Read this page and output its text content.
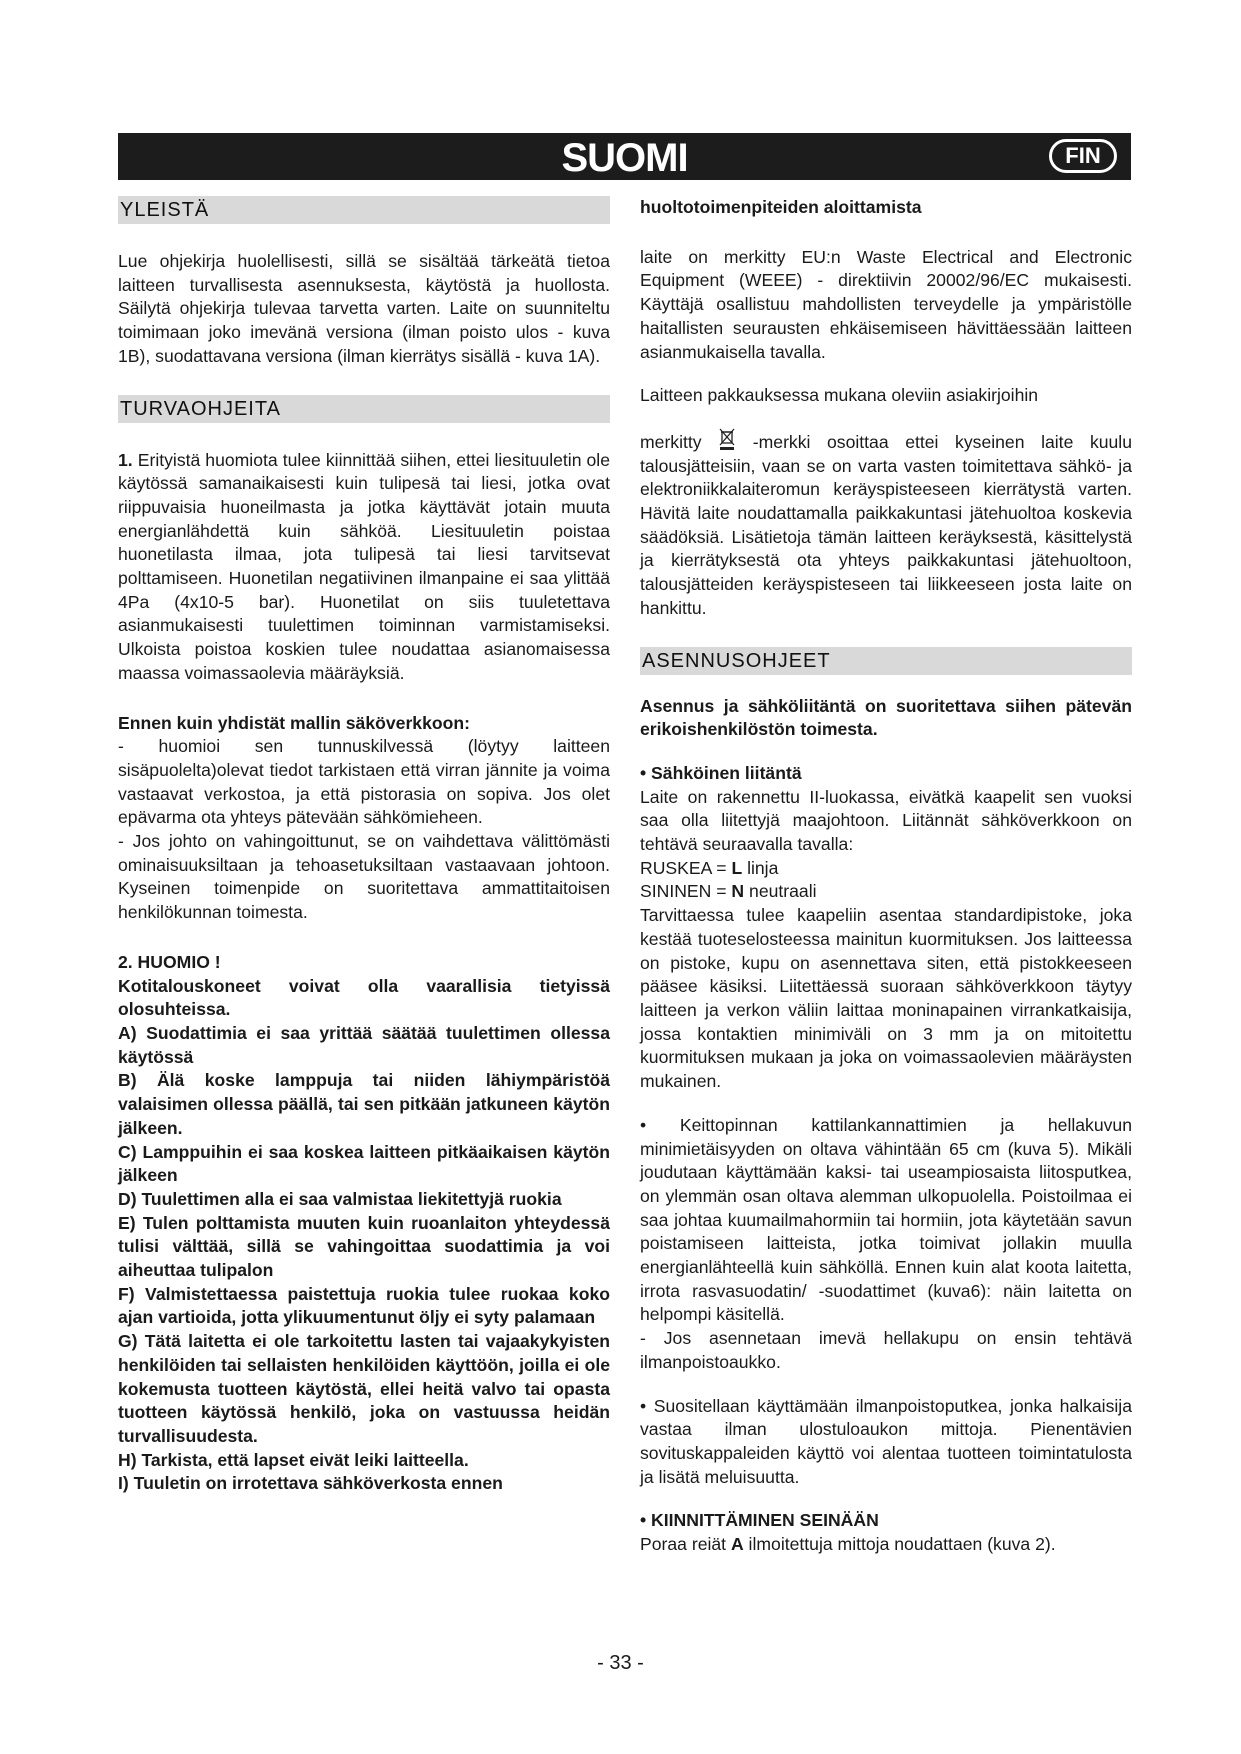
SUOMI	FIN
YLEISTÄ

Lue ohjekirja huolellisesti, sillä se sisältää tärkeätä tietoa laitteen turvallisesta asennuksesta, käytöstä ja huollosta. Säilytä ohjekirja tulevaa tarvetta varten. Laite on suunniteltu toimimaan joko imevänä versiona (ilman poisto ulos - kuva 1B), suodattavana versiona (ilman kierrätys sisällä - kuva 1A).

TURVAOHJEITA

1. Erityistä huomiota tulee kiinnittää siihen, ettei liesituuletin ole käytössä samanaikaisesti kuin tulipesä tai liesi, jotka ovat riippuvaisia huoneilmasta ja jotka käyttävät jotain muuta energianlähdettä kuin sähköä. Liesituuletin poistaa huonetilasta ilmaa, jota tulipesä tai liesi tarvitsevat polttamiseen. Huonetilan negatiivinen ilmanpaine ei saa ylittää 4Pa (4x10-5 bar). Huonetilat on siis tuuletettava asianmukaisesti tuulettimen toiminnan varmistamiseksi. Ulkoista poistoa koskien tulee noudattaa asianomaisessa maassa voimassaolevia määräyksiä.

Ennen kuin yhdistät mallin säköverkkoon:

- huomioi sen tunnuskilvessä (löytyy laitteen sisäpuolelta)olevat tiedot tarkistaen että virran jännite ja voima vastaavat verkostoa, ja että pistorasia on sopiva. Jos olet epävarma ota yhteys pätevään sähkömieheen.

- Jos johto on vahingoittunut, se on vaihdettava välittömästi ominaisuuksiltaan ja tehoasetuksiltaan vastaavaan johtoon. Kyseinen toimenpide on suoritettava ammattitaitoisen henkilökunnan toimesta.

2. HUOMIO !

Kotitalouskoneet voivat olla vaarallisia tietyissä olosuhteissa.

A) Suodattimia ei saa yrittää säätää tuulettimen ollessa käytössä

B) Älä koske lamppuja tai niiden lähiympäristöä valaisimen ollessa päällä, tai sen pitkään jatkuneen käytön jälkeen.

C) Lamppuihin ei saa koskea laitteen pitkäaikaisen käytön jälkeen

D) Tuulettimen alla ei saa valmistaa liekitettyjä ruokia

E) Tulen polttamista muuten kuin ruoanlaiton yhteydessä tulisi välttää, sillä se vahingoittaa suodattimia ja voi aiheuttaa tulipalon

F) Valmistettaessa paistettuja ruokia tulee ruokaa koko ajan vartioida, jotta ylikuumentunut öljy ei syty palamaan

G) Tätä laitetta ei ole tarkoitettu lasten tai vajaakykyisten henkilöiden tai sellaisten henkilöiden käyttöön, joilla ei ole kokemusta tuotteen käytöstä, ellei heitä valvo tai opasta tuotteen käytössä henkilö, joka on vastuussa heidän turvallisuudesta.

H) Tarkista, että lapset eivät leiki laitteella.

I) Tuuletin on irrotettava sähköverkosta ennen

huoltotoimenpiteiden aloittamista

laite on merkitty EU:n Waste Electrical and Electronic Equipment (WEEE) - direktiivin 20002/96/EC mukaisesti. Käyttäjä osallistuu mahdollisten terveydelle ja ympäristölle haitallisten seurausten ehkäisemiseen hävittäessään laitteen asianmukaisella tavalla.

Laitteen pakkauksessa mukana oleviin asiakirjoihin

merkitty	-merkki osoittaa ettei kyseinen laite kuulu talousjätteisiin, vaan se on varta vasten toimitettava sähkö- ja elektroniikkalaiteromun keräyspisteeseen kierrätystä varten. Hävitä laite noudattamalla paikkakuntasi jätehuoltoa koskevia säädöksiä. Lisätietoja tämän laitteen keräyksestä, käsittelystä ja kierrätyksestä ota yhteys paikkakuntasi jätehuoltoon, talousjätteiden keräyspisteseen tai liikkeeseen josta laite on hankittu.

ASENNUSOHJEET

Asennus ja sähköliitäntä on suoritettava siihen pätevän erikoishenkilöstön toimesta.

• Sähköinen liitäntä

Laite on rakennettu II-luokassa, eivätkä kaapelit sen vuoksi saa olla liitettyjä maajohtoon. Liitännät sähköverkkoon on tehtävä seuraavalla tavalla:

RUSKEA = L linja

SININEN = N neutraali

Tarvittaessa tulee kaapeliin asentaa standardipistoke, joka kestää tuoteselosteessa mainitun kuormituksen. Jos laitteessa on pistoke, kupu on asennettava siten, että pistokkeeseen pääsee käsiksi. Liitettäessä suoraan sähköverkkoon täytyy laitteen ja verkon väliin laittaa moninapainen virrankatkaisija, jossa kontaktien minimiväli on 3 mm ja on mitoitettu kuormituksen mukaan ja joka on voimassaolevien määräysten mukainen.

• Keittopinnan kattilankannattimien ja hellakuvun minimietäisyyden on oltava vähintään 65 cm (kuva 5). Mikäli joudutaan käyttämään kaksi- tai useampiosaista liitosputkea, on ylemmän osan oltava alemman ulkopuolella. Poistoilmaa ei saa johtaa kuumailmahormiin tai hormiin, jota käytetään savun poistamiseen laitteista, jotka toimivat jollakin muulla energianlähteellä kuin sähköllä. Ennen kuin alat koota laitetta, irrota rasvasuodatin/ -suodattimet (kuva6): näin laitetta on helpompi käsitellä.

- Jos asennetaan imevä hellakupu on ensin tehtävä ilmanpoistoaukko.

• Suositellaan käyttämään ilmanpoistoputkea, jonka halkaisija vastaa ilman ulostuloaukon mittoja. Pienentävien sovituskappaleiden käyttö voi alentaa tuotteen toimintatulosta ja lisätä meluisuutta.

• KIINNITTÄMINEN SEINÄÄN

Poraa reiät A ilmoitettuja mittoja noudattaen (kuva 2).

- 33 -
